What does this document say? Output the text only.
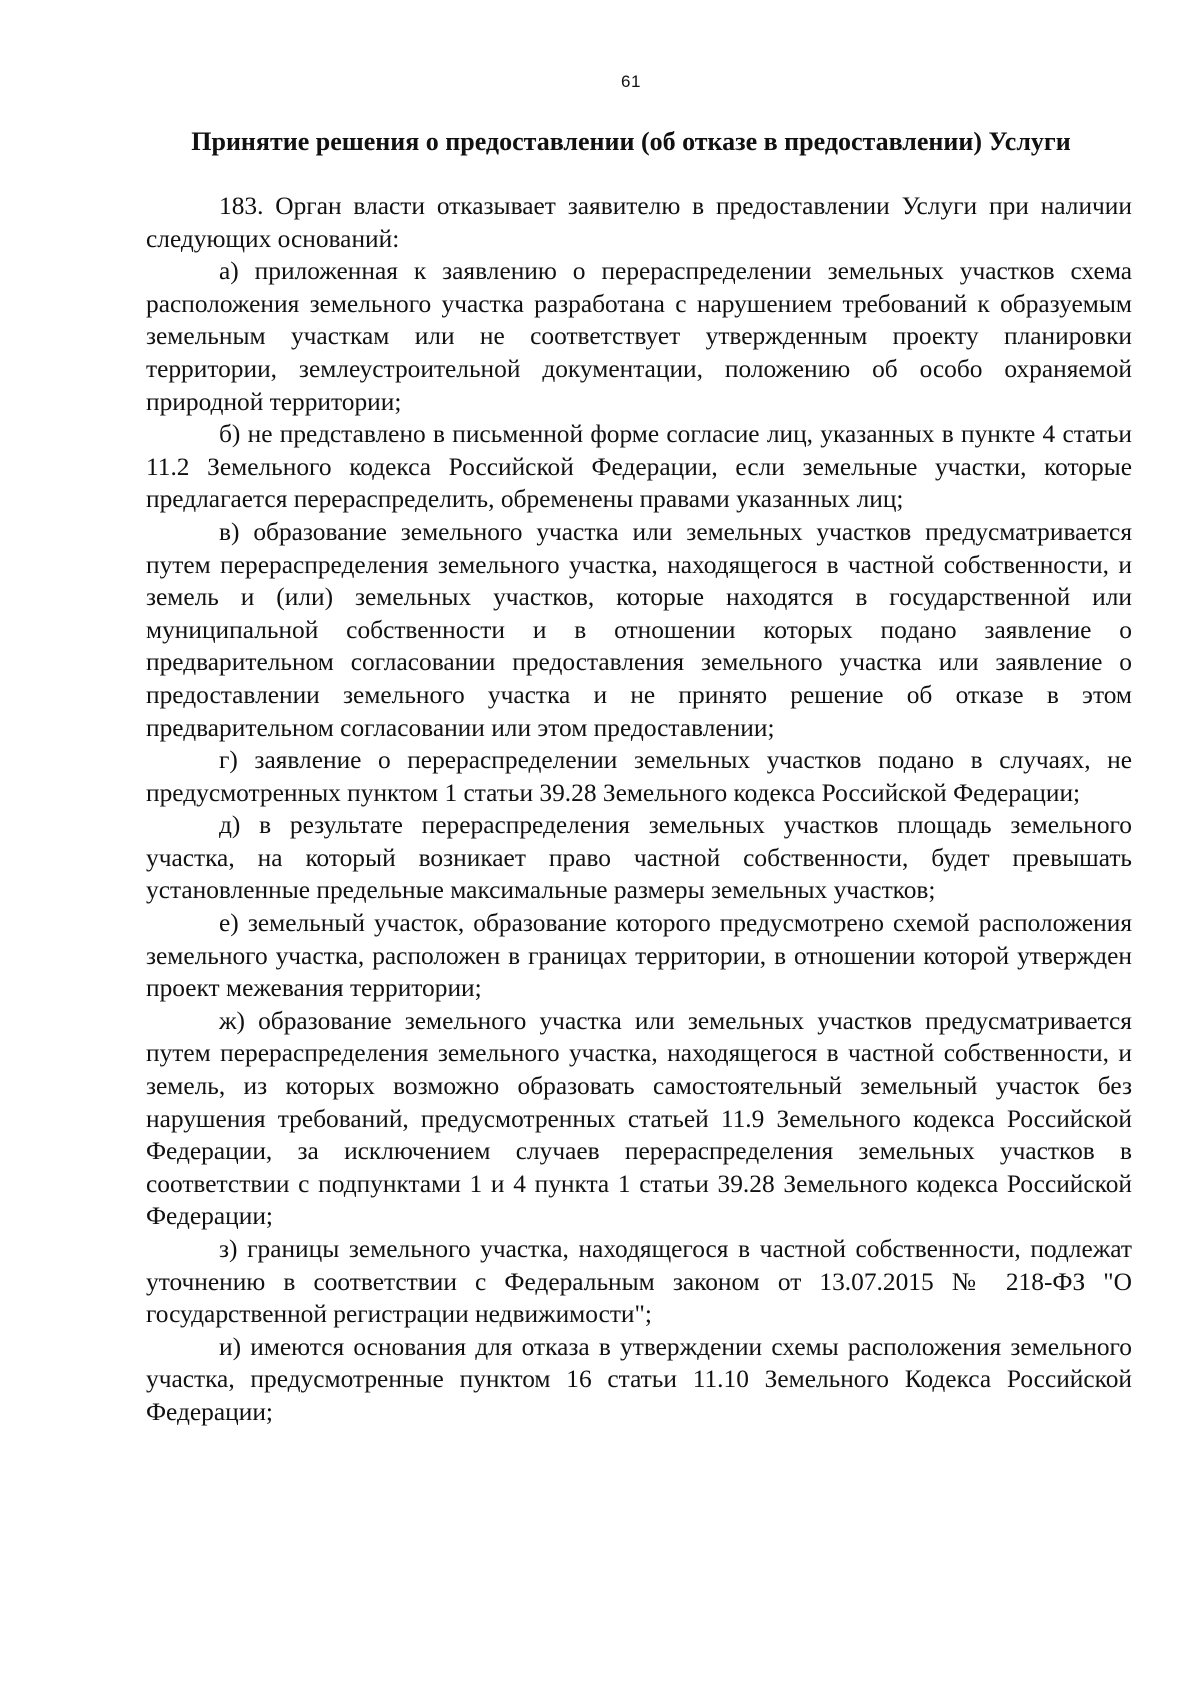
61
Принятие решения о предоставлении (об отказе в предоставлении) Услуги

183. Орган власти отказывает заявителю в предоставлении Услуги при наличии следующих оснований:

а) приложенная к заявлению о перераспределении земельных участков схема расположения земельного участка разработана с нарушением требований к образуемым земельным участкам или не соответствует утвержденным проекту планировки территории, землеустроительной документации, положению об особо охраняемой природной территории;

б) не представлено в письменной форме согласие лиц, указанных в пункте 4 статьи 11.2 Земельного кодекса Российской Федерации, если земельные участки, которые предлагается перераспределить, обременены правами указанных лиц;

в) образование земельного участка или земельных участков предусматривается путем перераспределения земельного участка, находящегося в частной собственности, и земель и (или) земельных участков, которые находятся в государственной или муниципальной собственности и в отношении которых подано заявление о предварительном согласовании предоставления земельного участка или заявление о предоставлении земельного участка и не принято решение об отказе в этом предварительном согласовании или этом предоставлении;

г) заявление о перераспределении земельных участков подано в случаях, не предусмотренных пунктом 1 статьи 39.28 Земельного кодекса Российской Федерации;

д) в результате перераспределения земельных участков площадь земельного участка, на который возникает право частной собственности, будет превышать установленные предельные максимальные размеры земельных участков;

е) земельный участок, образование которого предусмотрено схемой расположения земельного участка, расположен в границах территории, в отношении которой утвержден проект межевания территории;

ж) образование земельного участка или земельных участков предусматривается путем перераспределения земельного участка, находящегося в частной собственности, и земель, из которых возможно образовать самостоятельный земельный участок без нарушения требований, предусмотренных статьей 11.9 Земельного кодекса Российской Федерации, за исключением случаев перераспределения земельных участков в соответствии с подпунктами 1 и 4 пункта 1 статьи 39.28 Земельного кодекса Российской Федерации;

з) границы земельного участка, находящегося в частной собственности, подлежат уточнению в соответствии с Федеральным законом от 13.07.2015 № 218-ФЗ "О государственной регистрации недвижимости";

и) имеются основания для отказа в утверждении схемы расположения земельного участка, предусмотренные пунктом 16 статьи 11.10 Земельного Кодекса Российской Федерации;
